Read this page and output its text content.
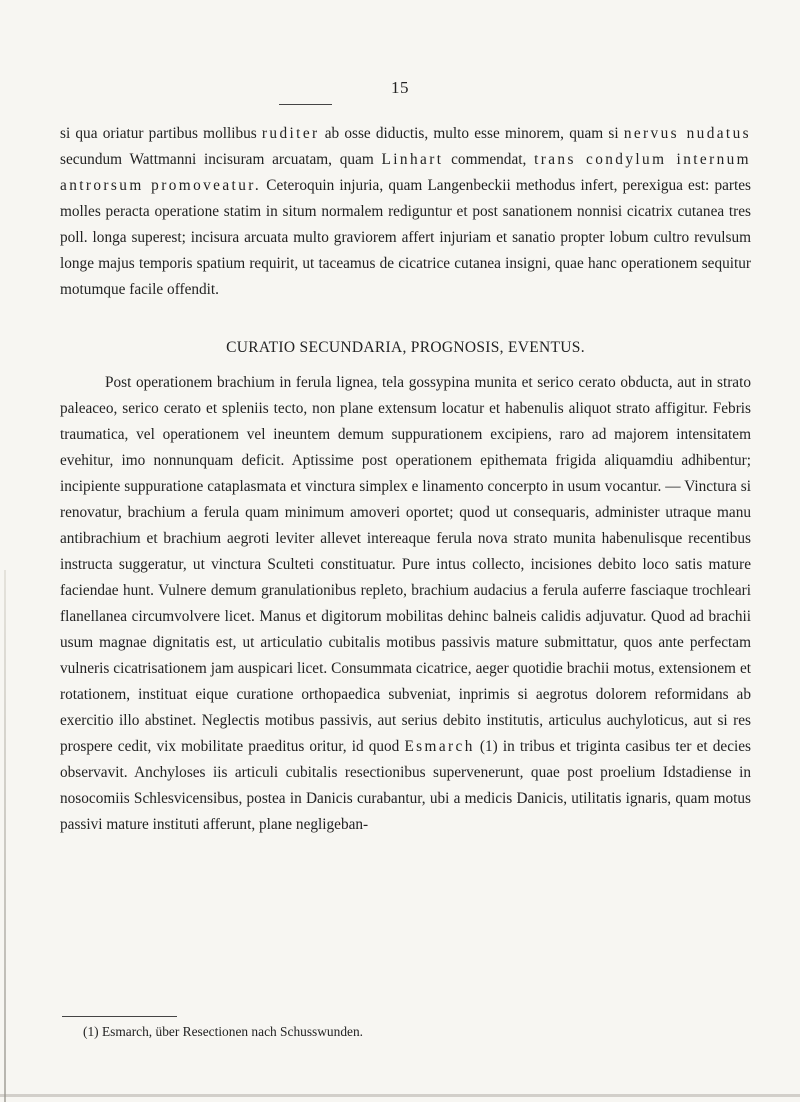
15

si qua oriatur partibus mollibus ruditer ab osse diductis, multo esse minorem, quam si nervus nudatus secundum Wattmanni incisuram arcuatam, quam Linhart commendat, trans condylum internum antrorsum promoveatur. Ceteroquin injuria, quam Langenbeckii methodus infert, perexigua est: partes molles peracta operatione statim in situm normalem rediguntur et post sanationem nonnisi cicatrix cutanea tres poll. longa superest; incisura arcuata multo graviorem affert injuriam et sanatio propter lobum cultro revulsum longe majus temporis spatium requirit, ut taceamus de cicatrice cutanea insigni, quae hanc operationem sequitur motumque facile offendit.

CURATIO SECUNDARIA, PROGNOSIS, EVENTUS.

Post operationem brachium in ferula lignea, tela gossypina munita et serico cerato obducta, aut in strato paleaceo, serico cerato et spleniis tecto, non plane extensum locatur et habenulis aliquot strato affigitur. Febris traumatica, vel operationem vel ineuntem demum suppurationem excipiens, raro ad majorem intensitatem evehitur, imo nonnunquam deficit. Aptissime post operationem epithemata frigida aliquamdiu adhibentur; incipiente suppuratione cataplasmata et vinctura simplex e linamento concerpto in usum vocantur. — Vinctura si renovatur, brachium a ferula quam minimum amoveri oportet; quod ut consequaris, administer utraque manu antibrachium et brachium aegroti leviter allevet intereaque ferula nova strato munita habenulisque recentibus instructa suggeratur, ut vinctura Sculteti constituatur. Pure intus collecto, incisiones debito loco satis mature faciendae hunt. Vulnere demum granulationibus repleto, brachium audacius a ferula auferre fasciaque trochleari flanellanea circumvolvere licet. Manus et digitorum mobilitas dehinc balneis calidis adjuvatur. Quod ad brachii usum magnae dignitatis est, ut articulatio cubitalis motibus passivis mature submittatur, quos ante perfectam vulneris cicatrisationem jam auspicari licet. Consummata cicatrice, aeger quotidie brachii motus, extensionem et rotationem, instituat eique curatione orthopaedica subveniat, inprimis si aegrotus dolorem reformidans ab exercitio illo abstinet. Neglectis motibus passivis, aut serius debito institutis, articulus auchyloticus, aut si res prospere cedit, vix mobilitate praeditus oritur, id quod Esmarch (1) in tribus et triginta casibus ter et decies observavit. Anchyloses iis articuli cubitalis resectionibus supervenerunt, quae post proelium Idstadiense in nosocomiis Schlesvicensibus, postea in Danicis curabantur, ubi a medicis Danicis, utilitatis ignaris, quam motus passivi mature instituti afferunt, plane negligeban-

(1) Esmarch, über Resectionen nach Schusswunden.
